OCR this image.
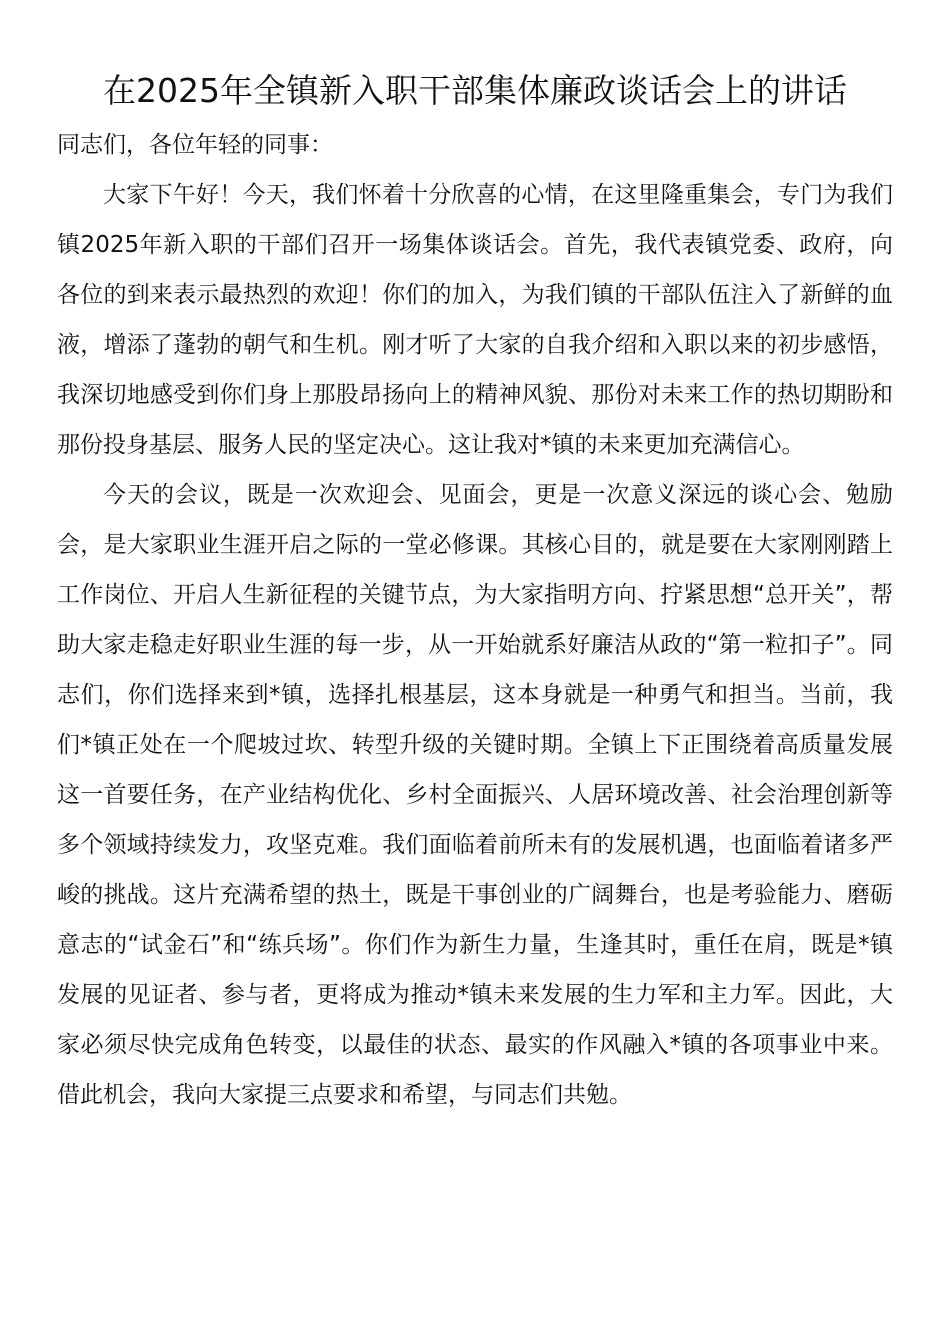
在2025年全镇新入职干部集体廉政谈话会上的讲话

同志们，各位年轻的同事：

大家下午好！今天，我们怀着十分欣喜的心情，在这里隆重集会，专门为我们镇2025年新入职的干部们召开一场集体谈话会。首先，我代表镇党委、政府，向各位的到来表示最热烈的欢迎！你们的加入，为我们镇的干部队伍注入了新鲜的血液，增添了蓬勃的朝气和生机。刚才听了大家的自我介绍和入职以来的初步感悟，我深切地感受到你们身上那股昂扬向上的精神风貌、那份对未来工作的热切期盼和那份投身基层、服务人民的坚定决心。这让我对*镇的未来更加充满信心。

今天的会议，既是一次欢迎会、见面会，更是一次意义深远的谈心会、勉励会，是大家职业生涯开启之际的一堂必修课。其核心目的，就是要在大家刚刚踏上工作岗位、开启人生新征程的关键节点，为大家指明方向、拧紧思想“总开关”，帮助大家走稳走好职业生涯的每一步，从一开始就系好廉洁从政的“第一粒扣子”。同志们，你们选择来到*镇，选择扎根基层，这本身就是一种勇气和担当。当前，我们*镇正处在一个爬坡过坎、转型升级的关键时期。全镇上下正围绕着高质量发展这一首要任务，在产业结构优化、乡村全面振兴、人居环境改善、社会治理创新等多个领域持续发力，攻坚克难。我们面临着前所未有的发展机遇，也面临着诸多严峻的挑战。这片充满希望的热土，既是干事创业的广阔舞台，也是考验能力、磨砺意志的“试金石”和“练兵场”。你们作为新生力量，生逢其时，重任在肩，既是*镇发展的见证者、参与者，更将成为推动*镇未来发展的生力军和主力军。因此，大家必须尽快完成角色转变，以最佳的状态、最实的作风融入*镇的各项事业中来。借此机会，我向大家提三点要求和希望，与同志们共勉。
